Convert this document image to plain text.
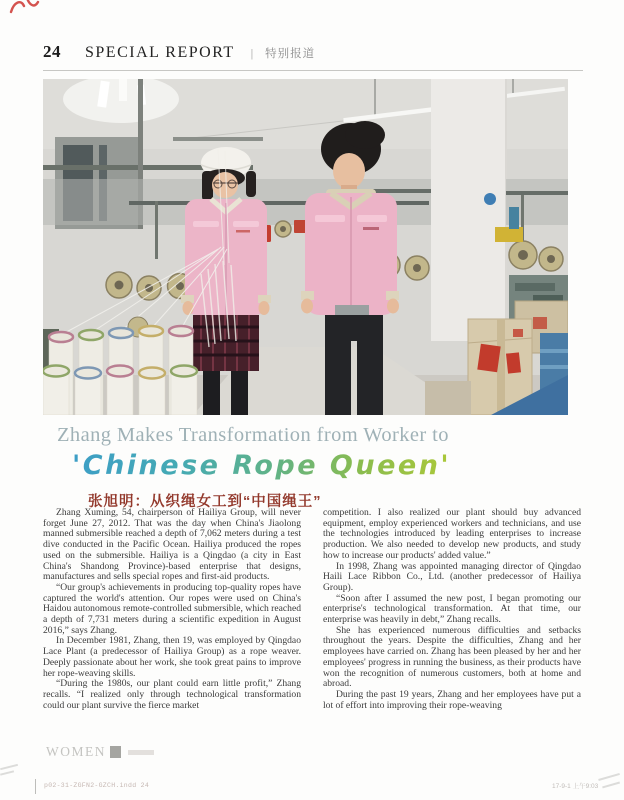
24 SPECIAL REPORT | 特别报道
Zhang Makes Transformation from Worker to
'Chinese Rope Queen'
张旭明：从织绳女工到“中国绳王”

Zhang Xuming, 54, chairperson of Hailiya Group, will never forget June 27, 2012. That was the day when China's Jiaolong manned submersible reached a depth of 7,062 meters during a test dive conducted in the Pacific Ocean. Hailiya produced the ropes used on the submersible. Hailiya is a Qingdao (a city in East China's Shandong Province)-based enterprise that designs, manufactures and sells special ropes and first-aid products.

“Our group's achievements in producing top-quality ropes have captured the world's attention. Our ropes were used on China's Haidou autonomous remote-controlled submersible, which reached a depth of 7,731 meters during a scientific expedition in August 2016,” says Zhang.

In December 1981, Zhang, then 19, was employed by Qingdao Lace Plant (a predecessor of Hailiya Group) as a rope weaver. Deeply passionate about her work, she took great pains to improve her rope-weaving skills.

“During the 1980s, our plant could earn little profit,” Zhang recalls. “I realized only through technological transformation could our plant survive the fierce market

competition. I also realized our plant should buy advanced equipment, employ experienced workers and technicians, and use the technologies introduced by leading enterprises to increase production. We also needed to develop new products, and study how to increase our products' added value.”

In 1998, Zhang was appointed managing director of Qingdao Haili Lace Ribbon Co., Ltd. (another predecessor of Hailiya Group).

“Soon after I assumed the new post, I began promoting our enterprise's technological transformation. At that time, our enterprise was heavily in debt,” Zhang recalls.

She has experienced numerous difficulties and setbacks throughout the years. Despite the difficulties, Zhang and her employees have carried on. Zhang has been pleased by her and her employees' progress in running the business, as their products have won the recognition of numerous customers, both at home and abroad.

During the past 19 years, Zhang and her employees have put a lot of effort into improving their rope-weaving

WOMEN
p02-31-ZGFN2-GZCH.indd 24	17-9-1 上午9:03
